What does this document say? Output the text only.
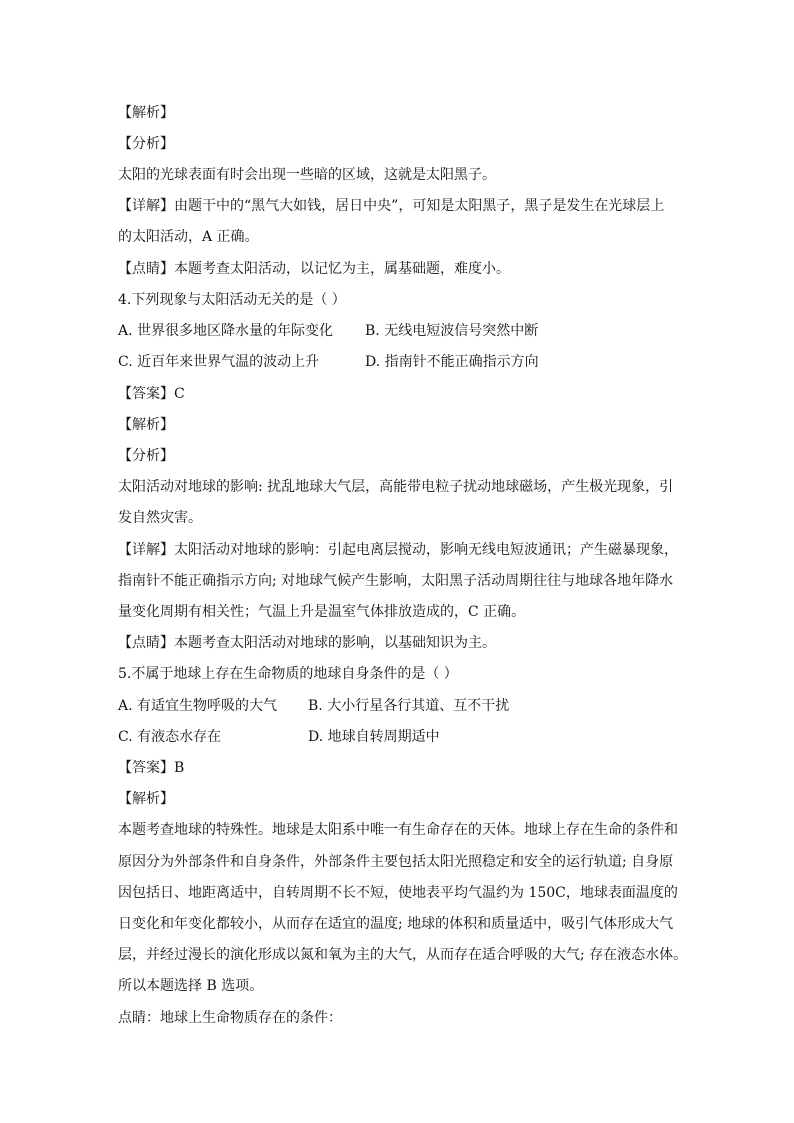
【解析】
【分析】
太阳的光球表面有时会出现一些暗的区域，这就是太阳黑子。
【详解】由题干中的“黑气大如钱，居日中央”，可知是太阳黑子，黑子是发生在光球层上
的太阳活动，A 正确。
【点睛】本题考查太阳活动，以记忆为主，属基础题，难度小。
4.下列现象与太阳活动无关的是（ ）
A. 世界很多地区降水量的年际变化 B. 无线电短波信号突然中断
C. 近百年来世界气温的波动上升	D. 指南针不能正确指示方向
【答案】C
【解析】
【分析】
太阳活动对地球的影响: 扰乱地球大气层，高能带电粒子扰动地球磁场，产生极光现象，引
发自然灾害。
【详解】太阳活动对地球的影响：引起电离层搅动，影响无线电短波通讯；产生磁暴现象，
指南针不能正确指示方向; 对地球气候产生影响，太阳黑子活动周期往往与地球各地年降水
量变化周期有相关性；气温上升是温室气体排放造成的，C 正确。
【点睛】本题考查太阳活动对地球的影响，以基础知识为主。
5.不属于地球上存在生命物质的地球自身条件的是（ ）
A. 有适宜生物呼吸的大气 B. 大小行星各行其道、互不干扰
C. 有液态水存在	D. 地球自转周期适中
【答案】B
【解析】
本题考查地球的特殊性。地球是太阳系中唯一有生命存在的天体。地球上存在生命的条件和
原因分为外部条件和自身条件，外部条件主要包括太阳光照稳定和安全的运行轨道; 自身原
因包括日、地距离适中，自转周期不长不短，使地表平均气温约为 150C，地球表面温度的
日变化和年变化都较小，从而存在适宜的温度; 地球的体积和质量适中，吸引气体形成大气
层，并经过漫长的演化形成以氮和氧为主的大气，从而存在适合呼吸的大气; 存在液态水体。
所以本题选择 B 选项。
点睛：地球上生命物质存在的条件：
